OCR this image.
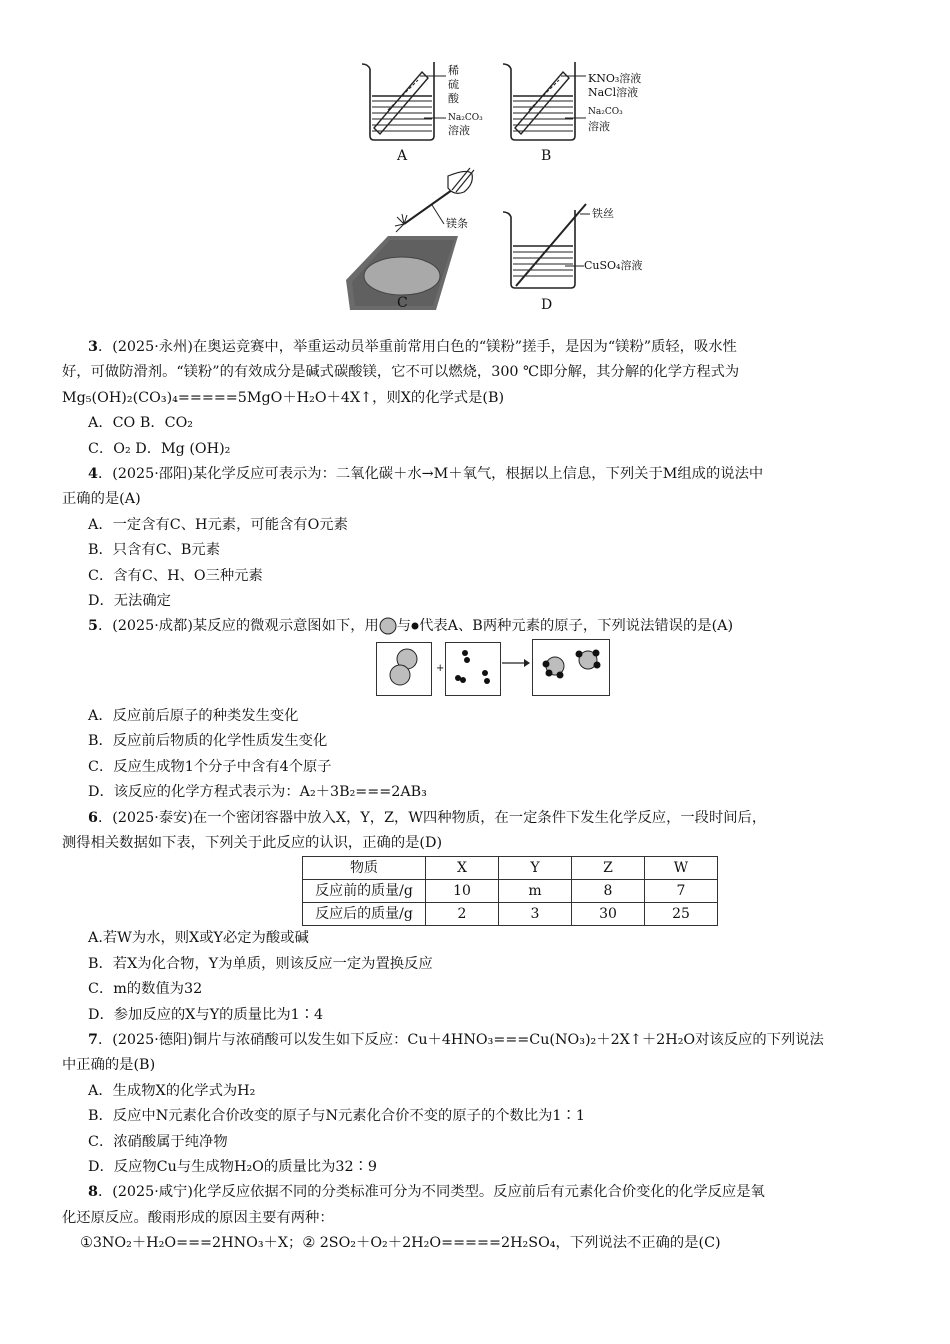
稀
硫
酸
Na₂CO₃
溶液
A
KNO₃溶液
NaCl溶液
Na₂CO₃
溶液
B
镁条
C
铁丝
CuSO₄溶液
D

3．(2025·永州)在奥运竞赛中，举重运动员举重前常用白色的“镁粉”搓手，是因为“镁粉”质轻，吸水性

好，可做防滑剂。“镁粉”的有效成分是碱式碳酸镁，它不可以燃烧，300 ℃即分解，其分解的化学方程式为

Mg₅(OH)₂(CO₃)₄=====5MgO＋H₂O＋4X↑，则X的化学式是(B)

A．CO B．CO₂

C．O₂ D．Mg (OH)₂

4．(2025·邵阳)某化学反应可表示为：二氧化碳＋水→M＋氧气，根据以上信息，下列关于M组成的说法中

正确的是(A)

A．一定含有C、H元素，可能含有O元素

B．只含有C、B元素

C．含有C、H、O三种元素

D．无法确定

5．(2025·成都)某反应的微观示意图如下，用 与 代表A、B两种元素的原子，下列说法错误的是(A)

+

A．反应前后原子的种类发生变化

B．反应前后物质的化学性质发生变化

C．反应生成物1个分子中含有4个原子

D．该反应的化学方程式表示为：A₂＋3B₂===2AB₃

6．(2025·泰安)在一个密闭容器中放入X，Y，Z，W四种物质，在一定条件下发生化学反应，一段时间后，

测得相关数据如下表，下列关于此反应的认识，正确的是(D)

物质	X	Y	Z	W
反应前的质量/g	10	m	8	7
反应后的质量/g	2	3	30	25

A.若W为水，则X或Y必定为酸或碱

B．若X为化合物，Y为单质，则该反应一定为置换反应

C．m的数值为32

D．参加反应的X与Y的质量比为1∶4

7．(2025·德阳)铜片与浓硝酸可以发生如下反应：Cu＋4HNO₃===Cu(NO₃)₂＋2X↑＋2H₂O对该反应的下列说法

中正确的是(B)

A．生成物X的化学式为H₂

B．反应中N元素化合价改变的原子与N元素化合价不变的原子的个数比为1∶1

C．浓硝酸属于纯净物

D．反应物Cu与生成物H₂O的质量比为32∶9

8．(2025·咸宁)化学反应依据不同的分类标准可分为不同类型。反应前后有元素化合价变化的化学反应是氧

化还原反应。酸雨形成的原因主要有两种：

①3NO₂＋H₂O===2HNO₃＋X；② 2SO₂＋O₂＋2H₂O=====2H₂SO₄，下列说法不正确的是(C)
